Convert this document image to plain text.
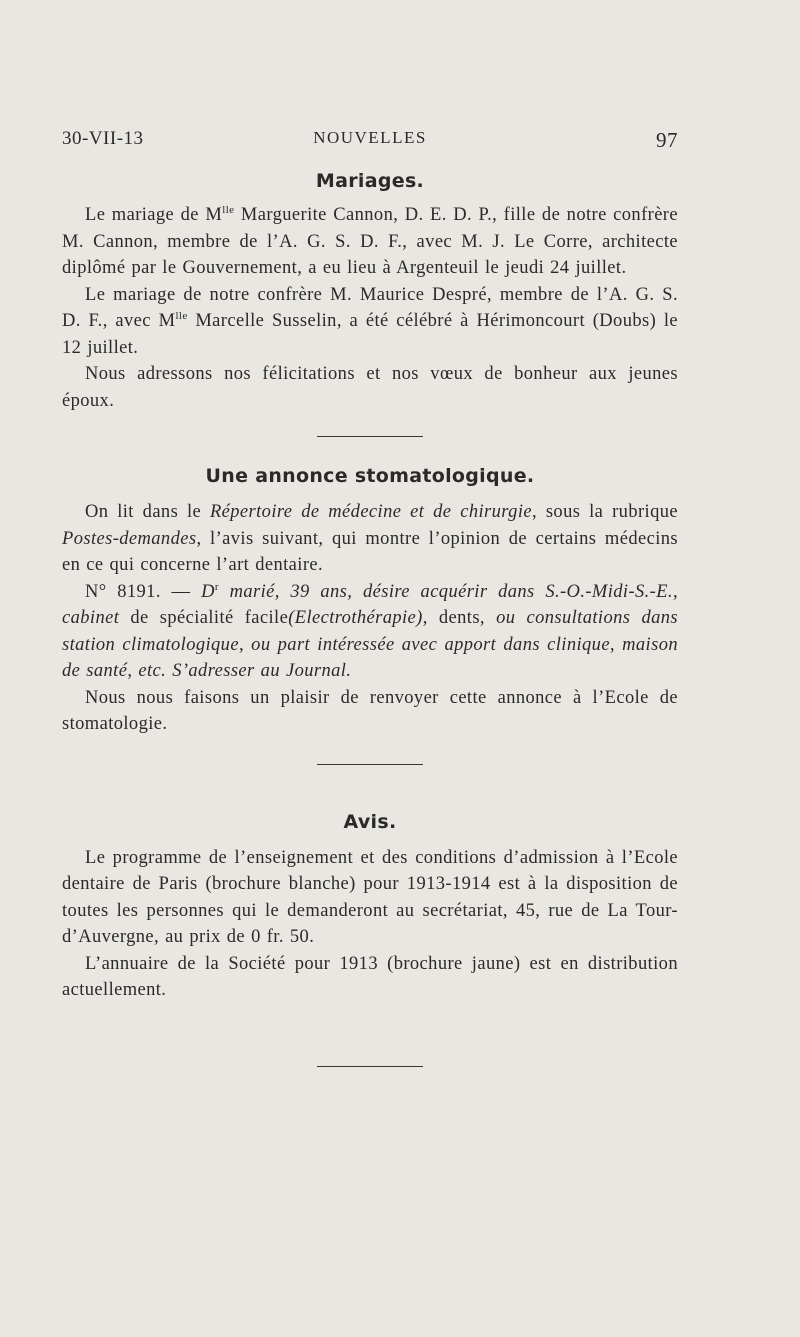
30-VII-13	NOUVELLES	97
Mariages.

Le mariage de $M^{lle}$ Marguerite Cannon, D. E. D. P., fille de notre confrère M. Cannon, membre de l’A. G. S. D. F., avec M. J. Le Corre, architecte diplômé par le Gouvernement, a eu lieu à Argenteuil le jeudi 24 juillet.

Le mariage de notre confrère M. Maurice Despré, membre de l’A. G. S. D. F., avec $M^{lle}$ Marcelle Susselin, a été célébré à Hérimoncourt (Doubs) le 12 juillet.

Nous adressons nos félicitations et nos vœux de bonheur aux jeunes époux.

Une annonce stomatologique.

On lit dans le Répertoire de médecine et de chirurgie, sous la rubrique Postes-demandes, l’avis suivant, qui montre l’opinion de certains médecins en ce qui concerne l’art dentaire.

N° 8191. — $D^r$ marié, 39 ans, désire acquérir dans S.-O.-Midi-S.-E., cabinet de spécialité facile(Electrothérapie), dents, ou consultations dans station climatologique, ou part intéressée avec apport dans clinique, maison de santé, etc. S’adresser au Journal.

Nous nous faisons un plaisir de renvoyer cette annonce à l’Ecole de stomatologie.

Avis.

Le programme de l’enseignement et des conditions d’admission à l’Ecole dentaire de Paris (brochure blanche) pour 1913-1914 est à la disposition de toutes les personnes qui le demanderont au secrétariat, 45, rue de La Tour-d’Auvergne, au prix de 0 fr. 50.

L’annuaire de la Société pour 1913 (brochure jaune) est en distribution actuellement.
